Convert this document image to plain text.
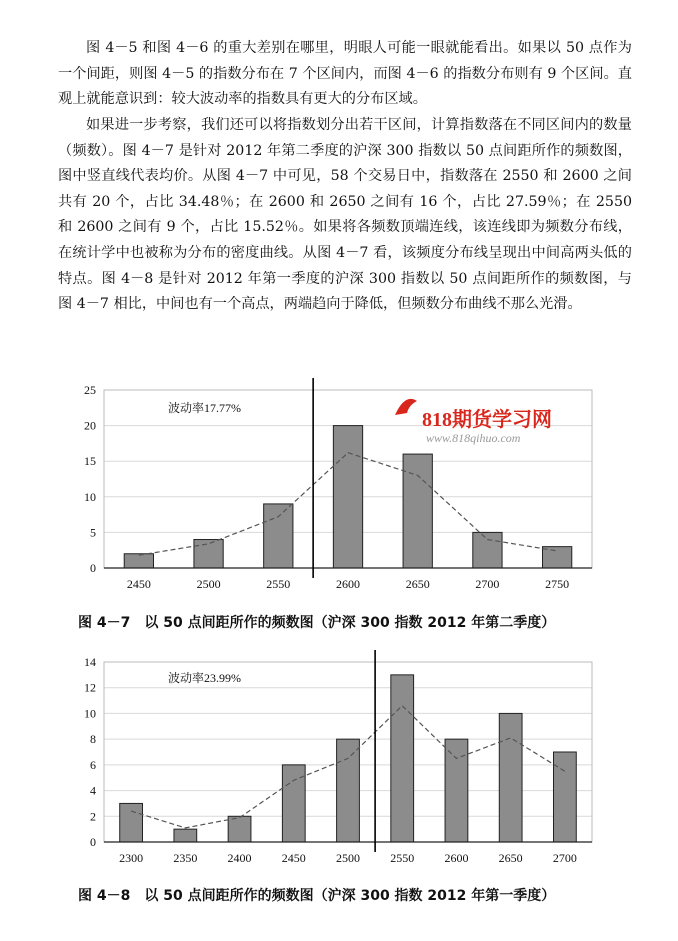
图 4－5 和图 4－6 的重大差别在哪里，明眼人可能一眼就能看出。如果以 50 点作为一个间距，则图 4－5 的指数分布在 7 个区间内，而图 4－6 的指数分布则有 9 个区间。直观上就能意识到：较大波动率的指数具有更大的分布区域。

如果进一步考察，我们还可以将指数划分出若干区间，计算指数落在不同区间内的数量（频数）。图 4－7 是针对 2012 年第二季度的沪深 300 指数以 50 点间距所作的频数图，图中竖直线代表均价。从图 4－7 中可见，58 个交易日中，指数落在 2550 和 2600 之间共有 20 个，占比 34.48％；在 2600 和 2650 之间有 16 个，占比 27.59％；在 2550 和 2600 之间有 9 个，占比 15.52％。如果将各频数顶端连线，该连线即为频数分布线，在统计学中也被称为分布的密度曲线。从图 4－7 看，该频度分布线呈现出中间高两头低的特点。图 4－8 是针对 2012 年第一季度的沪深 300 指数以 50 点间距所作的频数图，与图 4－7 相比，中间也有一个高点，两端趋向于降低，但频数分布曲线不那么光滑。

0
5
10
15
20
25
2450	2500	2550	2600	2650	2700	2750
波动率17.77%
818期货学习网
www.818qihuo.com
图 4－7 以 50 点间距所作的频数图（沪深 300 指数 2012 年第二季度）
0
2
4
6
8
10
12
14
2300	2350	2400	2450	2500	2550	2600	2650	2700
波动率23.99%
图 4－8 以 50 点间距所作的频数图（沪深 300 指数 2012 年第一季度）
